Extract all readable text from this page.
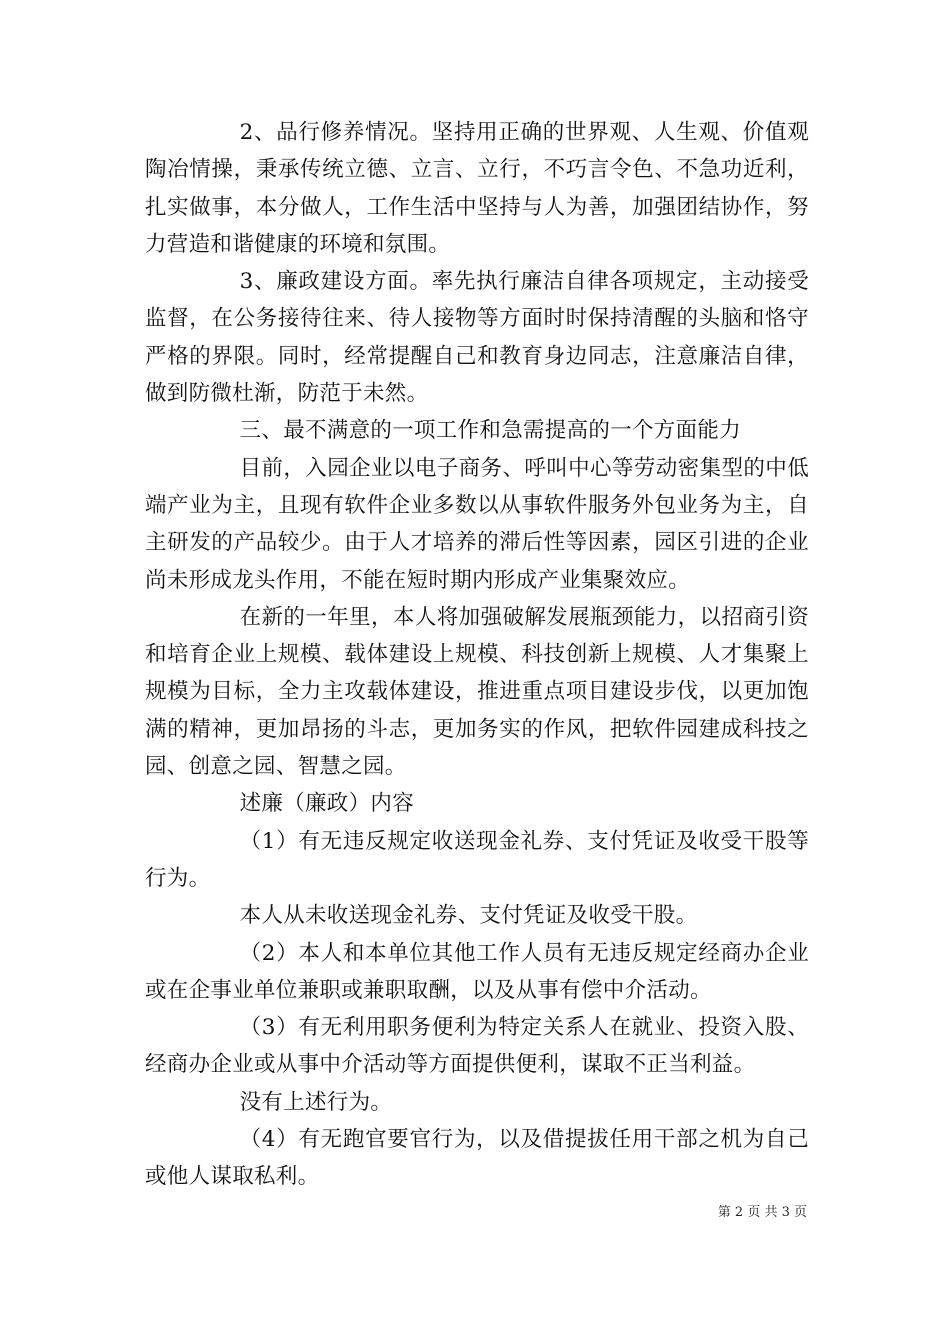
2、品行修养情况。坚持用正确的世界观、人生观、价值观陶冶情操，秉承传统立德、立言、立行，不巧言令色、不急功近利，扎实做事，本分做人，工作生活中坚持与人为善，加强团结协作，努力营造和谐健康的环境和氛围。

3、廉政建设方面。率先执行廉洁自律各项规定，主动接受监督，在公务接待往来、待人接物等方面时时保持清醒的头脑和恪守严格的界限。同时，经常提醒自己和教育身边同志，注意廉洁自律，做到防微杜渐，防范于未然。

三、最不满意的一项工作和急需提高的一个方面能力

目前，入园企业以电子商务、呼叫中心等劳动密集型的中低端产业为主，且现有软件企业多数以从事软件服务外包业务为主，自主研发的产品较少。由于人才培养的滞后性等因素，园区引进的企业尚未形成龙头作用，不能在短时期内形成产业集聚效应。

在新的一年里，本人将加强破解发展瓶颈能力，以招商引资和培育企业上规模、载体建设上规模、科技创新上规模、人才集聚上规模为目标，全力主攻载体建设，推进重点项目建设步伐，以更加饱满的精神，更加昂扬的斗志，更加务实的作风，把软件园建成科技之园、创意之园、智慧之园。

述廉（廉政）内容

（1）有无违反规定收送现金礼券、支付凭证及收受干股等行为。

本人从未收送现金礼券、支付凭证及收受干股。

（2）本人和本单位其他工作人员有无违反规定经商办企业或在企事业单位兼职或兼职取酬，以及从事有偿中介活动。

（3）有无利用职务便利为特定关系人在就业、投资入股、经商办企业或从事中介活动等方面提供便利，谋取不正当利益。

没有上述行为。

（4）有无跑官要官行为，以及借提拔任用干部之机为自己或他人谋取私利。

第 2 页 共 3 页
